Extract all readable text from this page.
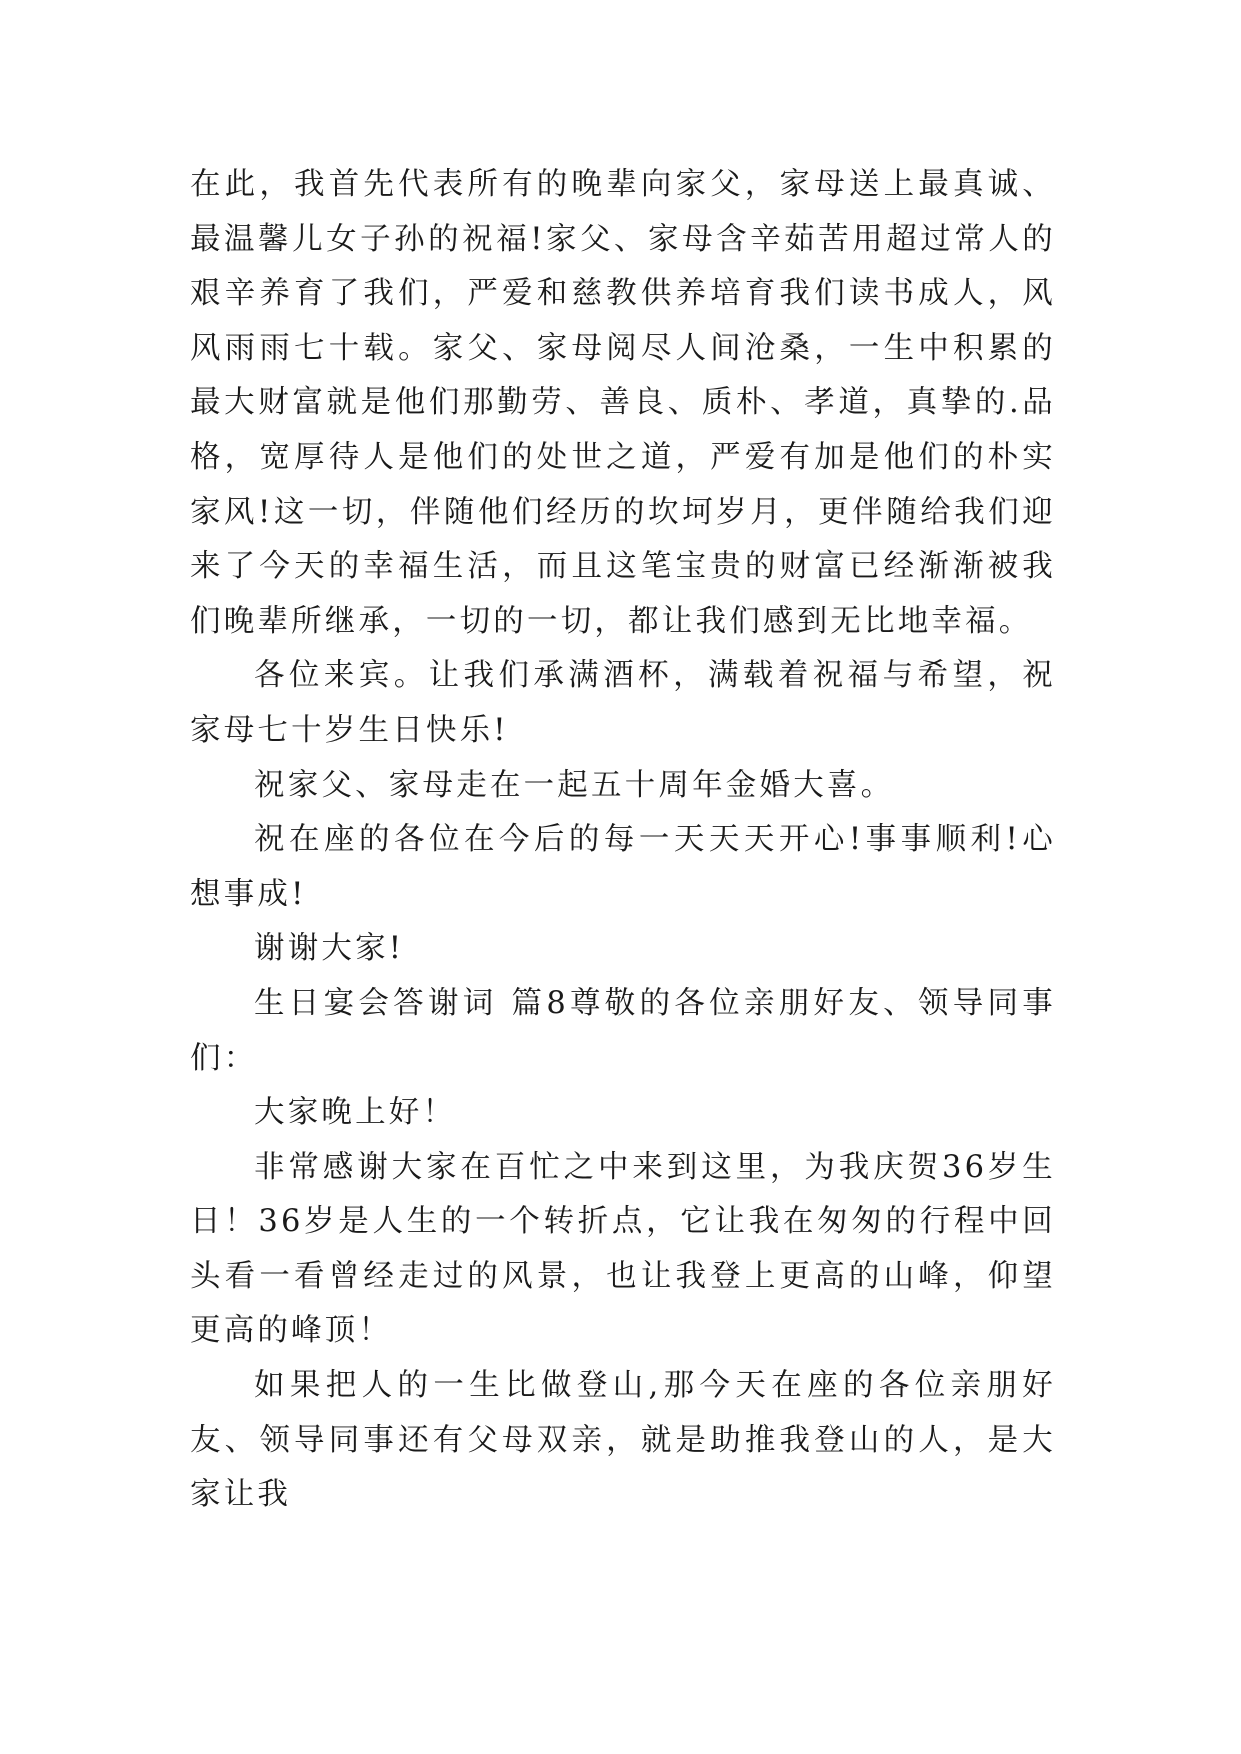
在此，我首先代表所有的晚辈向家父，家母送上最真诚、最温馨儿女子孙的祝福!家父、家母含辛茹苦用超过常人的艰辛养育了我们，严爱和慈教供养培育我们读书成人，风风雨雨七十载。家父、家母阅尽人间沧桑，一生中积累的最大财富就是他们那勤劳、善良、质朴、孝道，真挚的.品格，宽厚待人是他们的处世之道，严爱有加是他们的朴实家风!这一切，伴随他们经历的坎坷岁月，更伴随给我们迎来了今天的幸福生活，而且这笔宝贵的财富已经渐渐被我们晚辈所继承，一切的一切，都让我们感到无比地幸福。

各位来宾。让我们承满酒杯，满载着祝福与希望，祝家母七十岁生日快乐!

祝家父、家母走在一起五十周年金婚大喜。

祝在座的各位在今后的每一天天天开心!事事顺利!心想事成!

谢谢大家!

生日宴会答谢词 篇8尊敬的各位亲朋好友、领导同事们：

大家晚上好！

非常感谢大家在百忙之中来到这里，为我庆贺36岁生日！36岁是人生的一个转折点，它让我在匆匆的行程中回头看一看曾经走过的风景，也让我登上更高的山峰，仰望更高的峰顶！

如果把人的一生比做登山,那今天在座的各位亲朋好友、领导同事还有父母双亲，就是助推我登山的人，是大家让我
